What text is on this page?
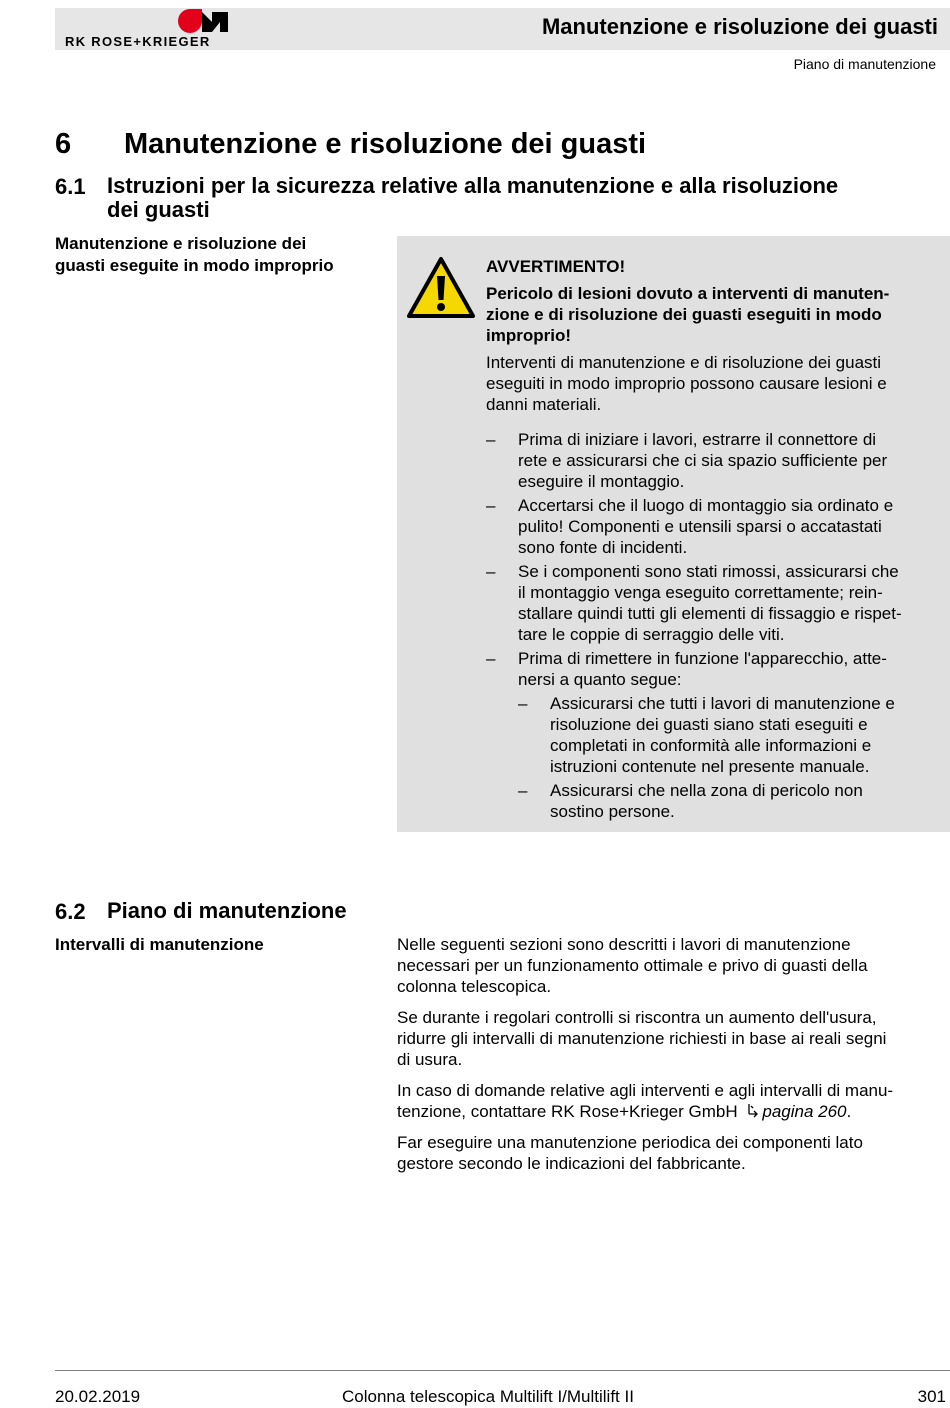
RK ROSE+KRIEGER
Manutenzione e risoluzione dei guasti
Piano di manutenzione
6 Manutenzione e risoluzione dei guasti
6.1 Istruzioni per la sicurezza relative alla manutenzione e alla risoluzione
dei guasti
Manutenzione e risoluzione dei
guasti eseguite in modo improprio	AVVERTIMENTO!

Pericolo di lesioni dovuto a interventi di manuten-
zione e di risoluzione dei guasti eseguiti in modo
improprio!

Interventi di manutenzione e di risoluzione dei guasti
eseguiti in modo improprio possono causare lesioni e
danni materiali.

– Prima di iniziare i lavori, estrarre il connettore di
rete e assicurarsi che ci sia spazio sufficiente per
eseguire il montaggio.
– Accertarsi che il luogo di montaggio sia ordinato e
pulito! Componenti e utensili sparsi o accatastati
sono fonte di incidenti.
– Se i componenti sono stati rimossi, assicurarsi che
il montaggio venga eseguito correttamente; rein-
stallare quindi tutti gli elementi di fissaggio e rispet-
tare le coppie di serraggio delle viti.
– Prima di rimettere in funzione l'apparecchio, atte-
nersi a quanto segue:
– Assicurarsi che tutti i lavori di manutenzione e
risoluzione dei guasti siano stati eseguiti e
completati in conformità alle informazioni e
istruzioni contenute nel presente manuale.
– Assicurarsi che nella zona di pericolo non
sostino persone.
6.2 Piano di manutenzione
Intervalli di manutenzione	Nelle seguenti sezioni sono descritti i lavori di manutenzione
necessari per un funzionamento ottimale e privo di guasti della
colonna telescopica.

Se durante i regolari controlli si riscontra un aumento dell'usura,
ridurre gli intervalli di manutenzione richiesti in base ai reali segni
di usura.

In caso di domande relative agli interventi e agli intervalli di manu-
tenzione, contattare RK Rose+Krieger GmbH pagina 260.

Far eseguire una manutenzione periodica dei componenti lato
gestore secondo le indicazioni del fabbricante.

20.02.2019	Colonna telescopica Multilift I/Multilift II	301
